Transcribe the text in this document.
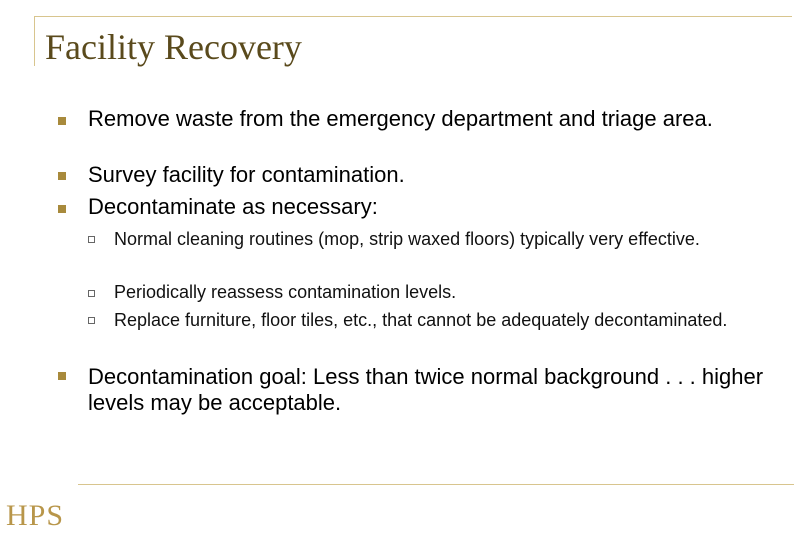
Facility Recovery

Remove waste from the emergency department and triage area.

Survey facility for contamination.

Decontaminate as necessary:

Normal cleaning routines (mop, strip waxed floors) typically very effective.

Periodically reassess contamination levels.

Replace furniture, floor tiles, etc., that cannot be adequately decontaminated.

Decontamination goal: Less than twice normal background . . . higher levels may be acceptable.

HPS
